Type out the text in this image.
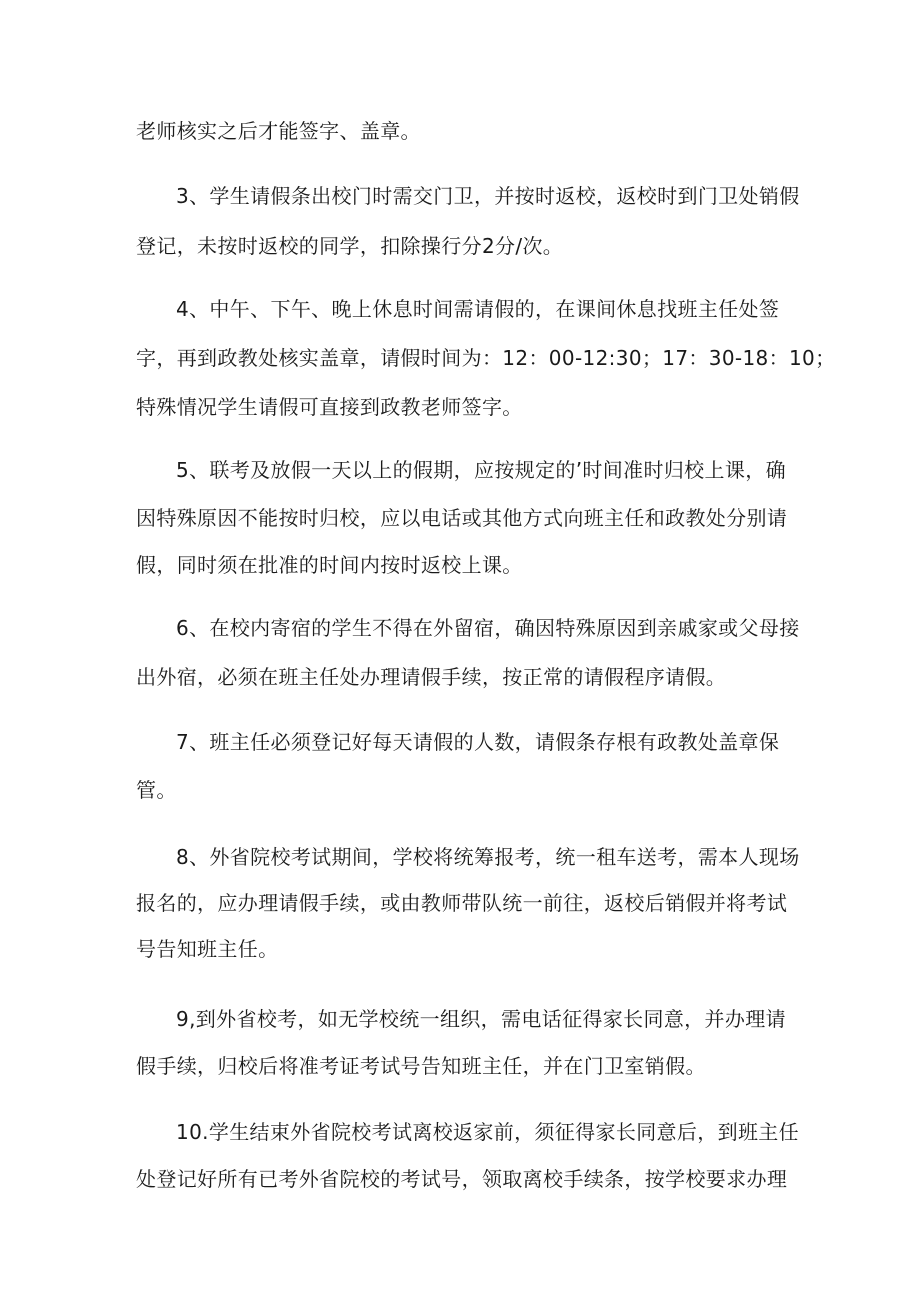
老师核实之后才能签字、盖章。
3、学生请假条出校门时需交门卫，并按时返校，返校时到门卫处销假
登记，未按时返校的同学，扣除操行分2分/次。
4、中午、下午、晚上休息时间需请假的，在课间休息找班主任处签
字，再到政教处核实盖章，请假时间为：12：00-12:30；17：30-18：10；
特殊情况学生请假可直接到政教老师签字。
5、联考及放假一天以上的假期，应按规定的’时间准时归校上课，确
因特殊原因不能按时归校，应以电话或其他方式向班主任和政教处分别请
假，同时须在批准的时间内按时返校上课。
6、在校内寄宿的学生不得在外留宿，确因特殊原因到亲戚家或父母接
出外宿，必须在班主任处办理请假手续，按正常的请假程序请假。
7、班主任必须登记好每天请假的人数，请假条存根有政教处盖章保
管。
8、外省院校考试期间，学校将统筹报考，统一租车送考，需本人现场
报名的，应办理请假手续，或由教师带队统一前往，返校后销假并将考试
号告知班主任。
9,到外省校考，如无学校统一组织，需电话征得家长同意，并办理请
假手续，归校后将准考证考试号告知班主任，并在门卫室销假。
10.学生结束外省院校考试离校返家前，须征得家长同意后，到班主任
处登记好所有已考外省院校的考试号，领取离校手续条，按学校要求办理
